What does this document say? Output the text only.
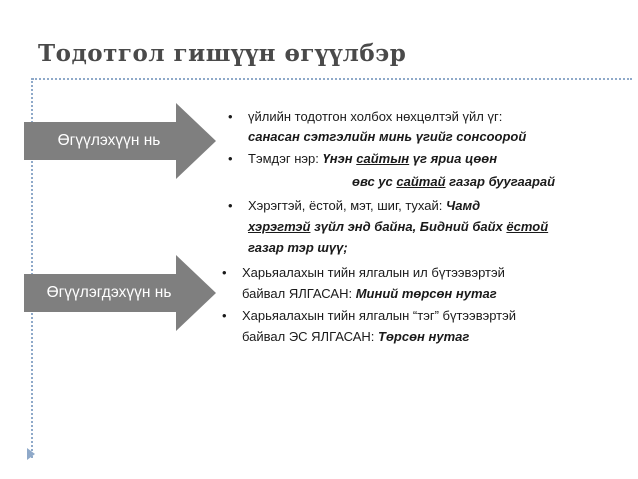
Тодотгол гишүүн өгүүлбэр
Өгүүлэхүүн нь
Өгүүлэгдэхүүн нь
• үйлийн тодотгон холбох нөхцөлтэй үйл үг:
санасан сэтгэлийн минь үгийг сонсоорой
• Тэмдэг нэр: Үнэн сайтын үг яриа цөөн
өвс ус сайтай газар буугаарай
• Хэрэгтэй, ёстой, мэт, шиг, тухай: Чамд
хэрэгтэй зүйл энд байна, Бидний байх ёстой
газар тэр шүү;
• Харьяалахын тийн ялгалын ил бүтээвэртэй
байвал ЯЛГАСАН: Миний төрсөн нутаг
• Харьяалахын тийн ялгалын “тэг” бүтээвэртэй
байвал ЭС ЯЛГАСАН: Төрсөн нутаг
